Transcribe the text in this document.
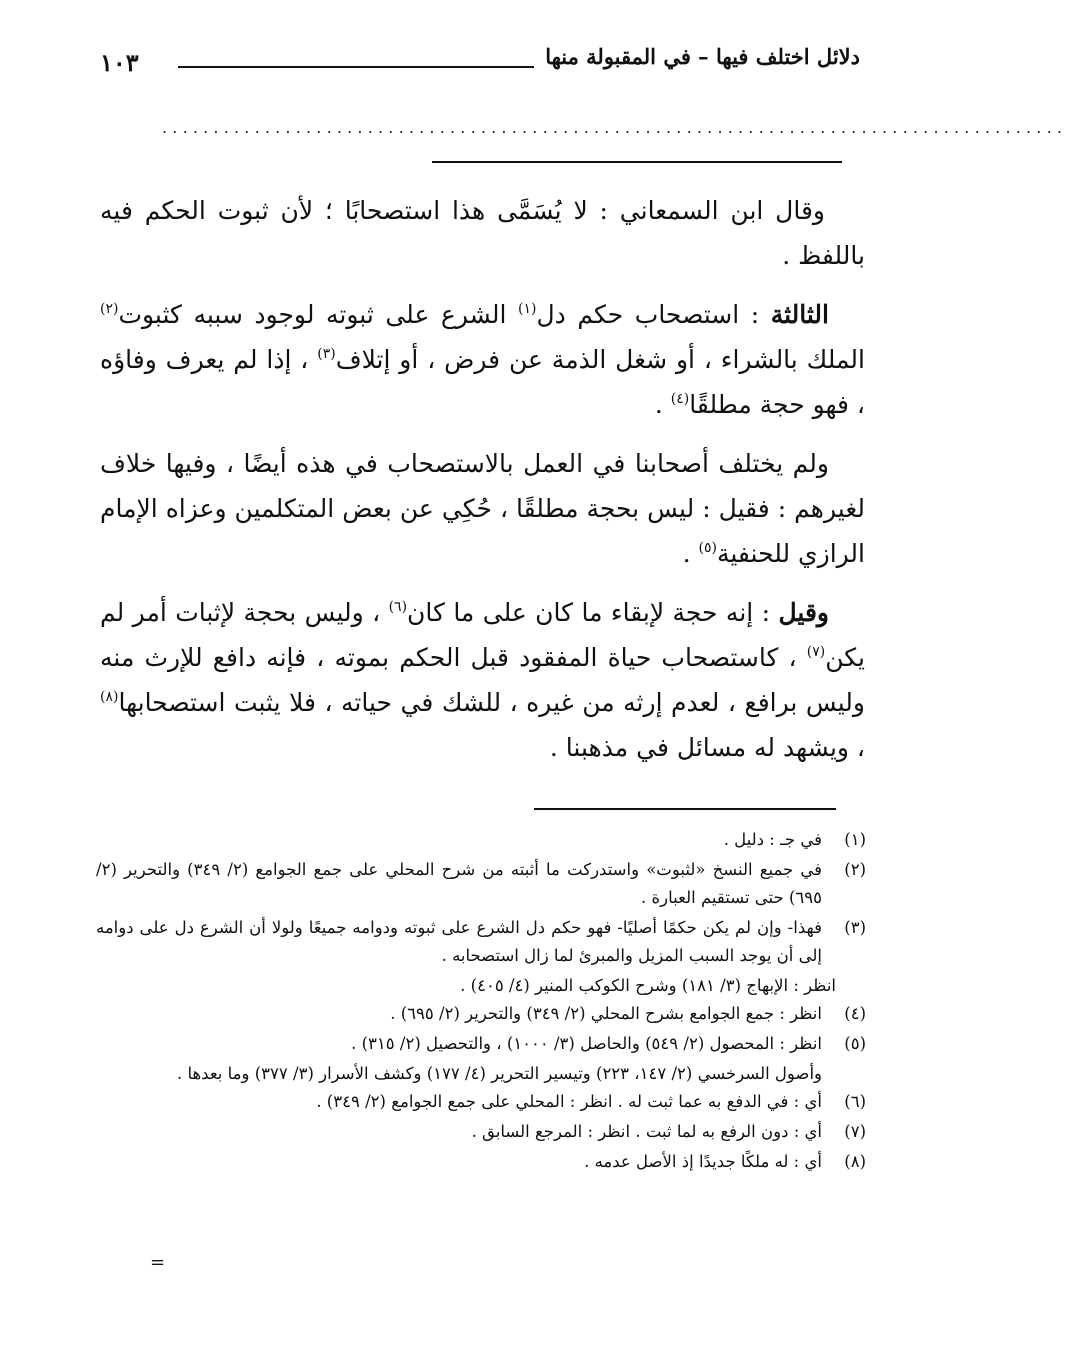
دلائل اختلف فيها – في المقبولة منها
١٠٣
........................................................................................

وقال ابن السمعاني : لا يُسَمَّى هذا استصحابًا ؛ لأن ثبوت الحكم فيه باللفظ .

الثالثة : استصحاب حكم دل$^{(١)}$ الشرع على ثبوته لوجود سببه كثبوت$^{(٢)}$ الملك بالشراء ، أو شغل الذمة عن فرض ، أو إتلاف$^{(٣)}$ ، إذا لم يعرف وفاؤه ، فهو حجة مطلقًا$^{(٤)}$ .

ولم يختلف أصحابنا في العمل بالاستصحاب في هذه أيضًا ، وفيها خلاف لغيرهم : فقيل : ليس بحجة مطلقًا ، حُكِي عن بعض المتكلمين وعزاه الإمام الرازي للحنفية$^{(٥)}$ .

وقيل : إنه حجة لإبقاء ما كان على ما كان$^{(٦)}$ ، وليس بحجة لإثبات أمر لم يكن$^{(٧)}$ ، كاستصحاب حياة المفقود قبل الحكم بموته ، فإنه دافع للإرث منه وليس برافع ، لعدم إرثه من غيره ، للشك في حياته ، فلا يثبت استصحابها$^{(٨)}$ ، ويشهد له مسائل في مذهبنا .

(١)
في جـ : دليل .
(٢)
في جميع النسخ «لثبوت» واستدركت ما أثبته من شرح المحلي على جمع الجوامع (٢/ ٣٤٩) والتحرير (٢/ ٦٩٥) حتى تستقيم العبارة .
(٣)
فهذا- وإن لم يكن حكمًا أصليًا- فهو حكم دل الشرع على ثبوته ودوامه جميعًا ولولا أن الشرع دل على دوامه إلى أن يوجد السبب المزيل والمبرئ لما زال استصحابه .
انظر : الإبهاج (٣/ ١٨١) وشرح الكوكب المنير (٤/ ٤٠٥) .
(٤)
انظر : جمع الجوامع بشرح المحلي (٢/ ٣٤٩) والتحرير (٢/ ٦٩٥) .
(٥)
انظر : المحصول (٢/ ٥٤٩) والحاصل (٣/ ١٠٠٠) ، والتحصيل (٢/ ٣١٥) .
وأصول السرخسي (٢/ ١٤٧، ٢٢٣) وتيسير التحرير (٤/ ١٧٧) وكشف الأسرار (٣/ ٣٧٧) وما بعدها .
(٦)
أي : في الدفع به عما ثبت له . انظر : المحلي على جمع الجوامع (٢/ ٣٤٩) .
(٧)
أي : دون الرفع به لما ثبت . انظر : المرجع السابق .
(٨)
أي : له ملكًا جديدًا إذ الأصل عدمه .
=
